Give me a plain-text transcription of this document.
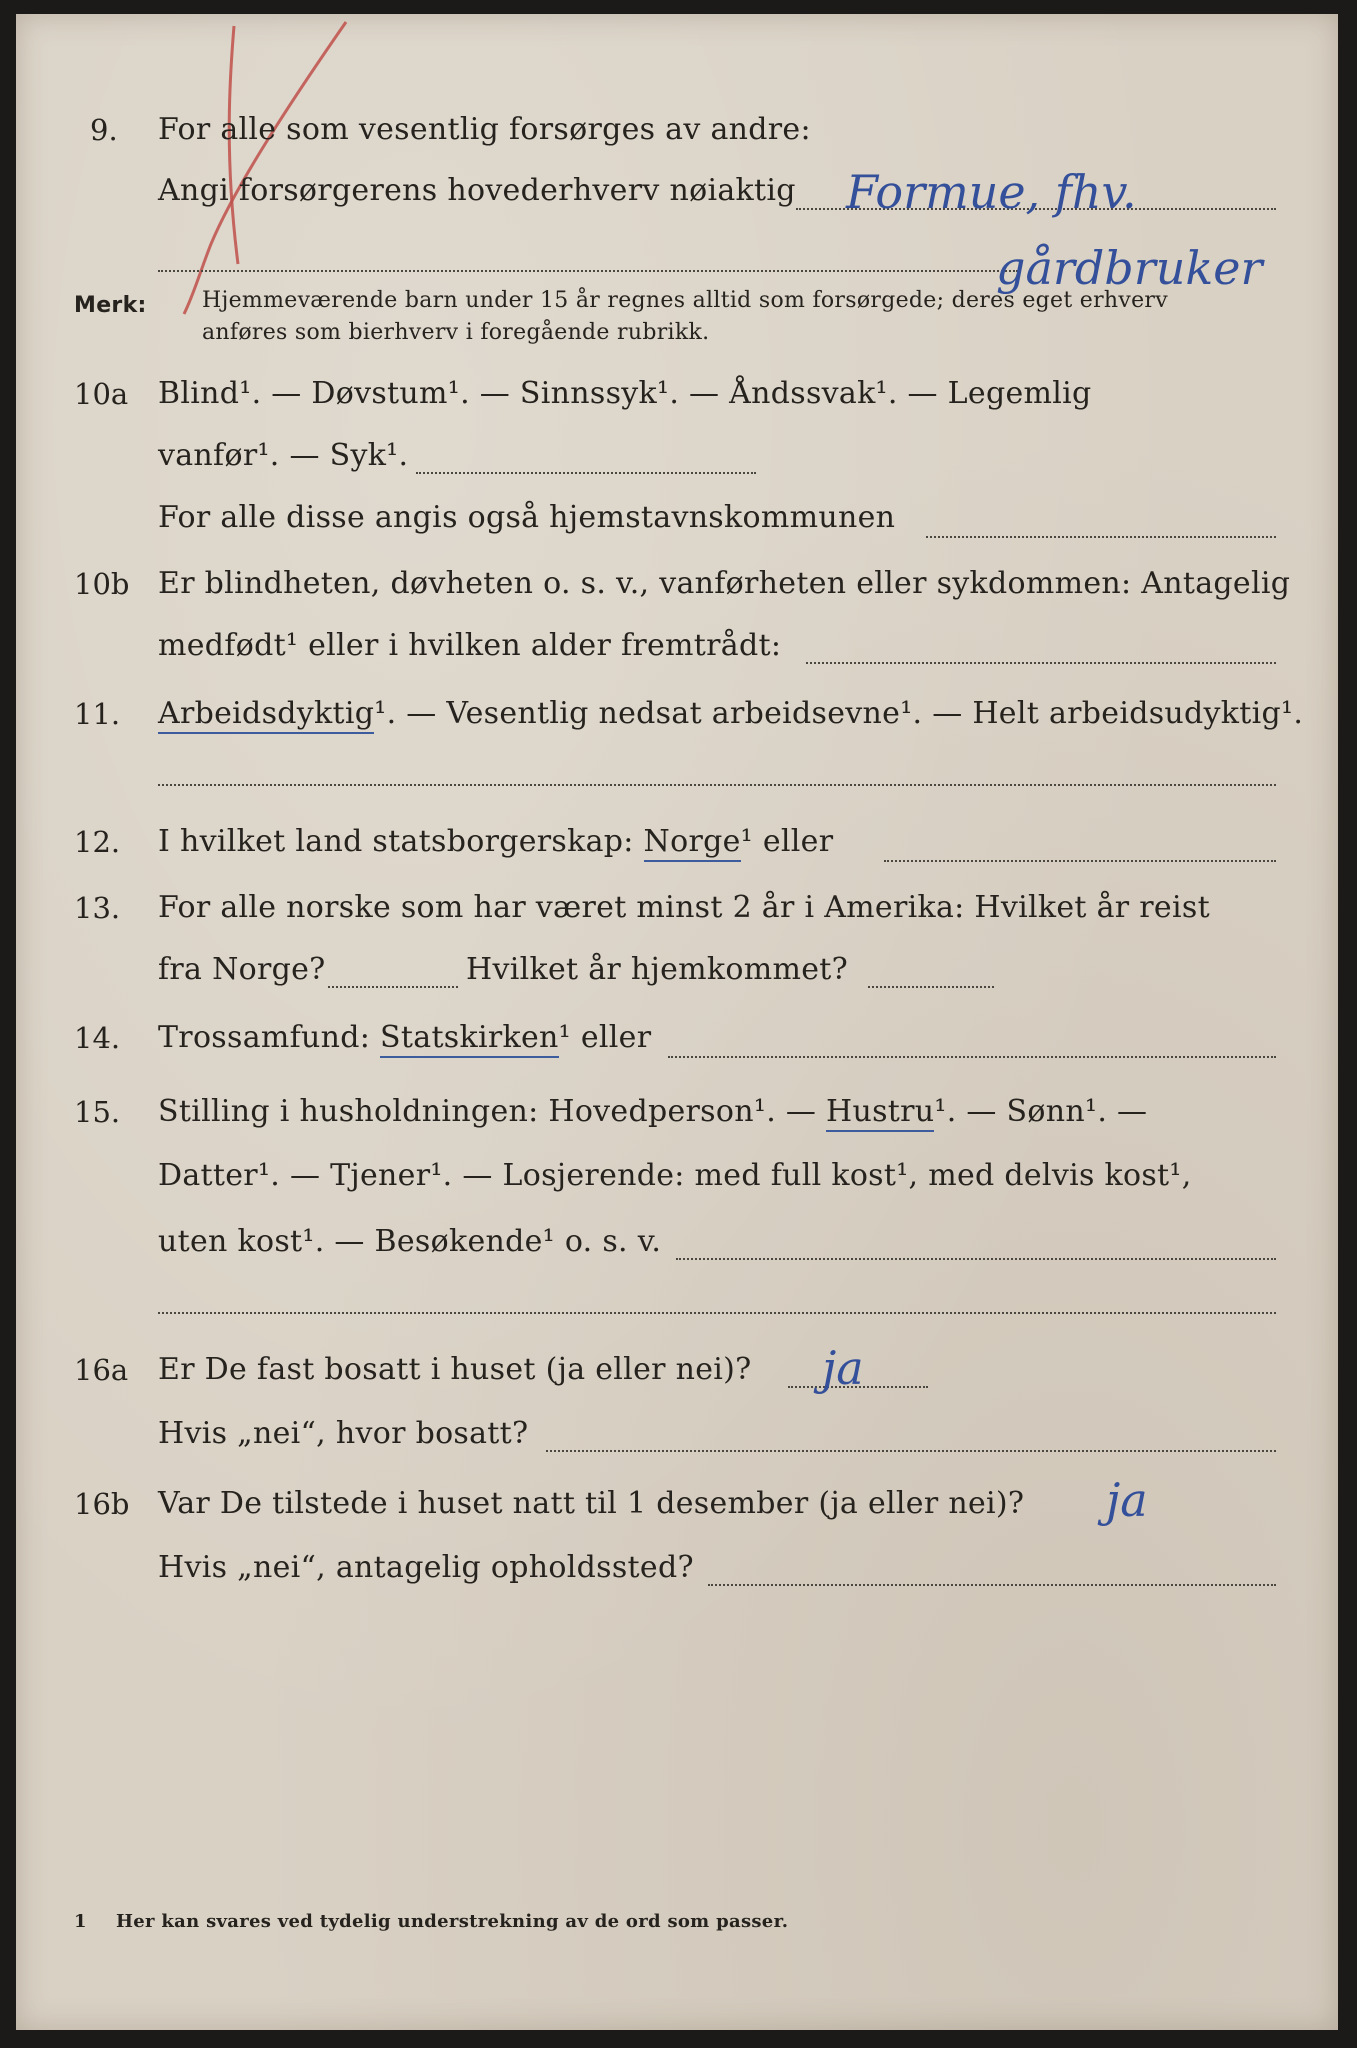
9. For alle som vesentlig forsørges av andre:
Angi forsørgerens hovederhverv nøiaktig Formue, fhv.
gårdbruker
Merk:	Hjemmeværende barn under 15 år regnes alltid som forsørgede; deres eget erhverv
anføres som bierhverv i foregående rubrikk.
10a Blind¹. — Døvstum¹. — Sinnssyk¹. — Åndssvak¹. — Legemlig
vanfør¹. — Syk¹.
For alle disse angis også hjemstavnskommunen
10b Er blindheten, døvheten o. s. v., vanførheten eller sykdommen: Antagelig
medfødt¹ eller i hvilken alder fremtrådt:
11. Arbeidsdyktig¹. — Vesentlig nedsat arbeidsevne¹. — Helt arbeidsudyktig¹.
12. I hvilket land statsborgerskap: Norge¹ eller
13. For alle norske som har været minst 2 år i Amerika: Hvilket år reist
fra Norge?	Hvilket år hjemkommet?
14. Trossamfund: Statskirken¹ eller
15. Stilling i husholdningen: Hovedperson¹. — Hustru¹. — Sønn¹. —
Datter¹. — Tjener¹. — Losjerende: med full kost¹, med delvis kost¹,
uten kost¹. — Besøkende¹ o. s. v.
16a Er De fast bosatt i huset (ja eller nei)? ja
Hvis „nei“, hvor bosatt?
16b Var De tilstede i huset natt til 1 desember (ja eller nei)? ja
Hvis „nei“, antagelig opholdssted?
1 Her kan svares ved tydelig understrekning av de ord som passer.
